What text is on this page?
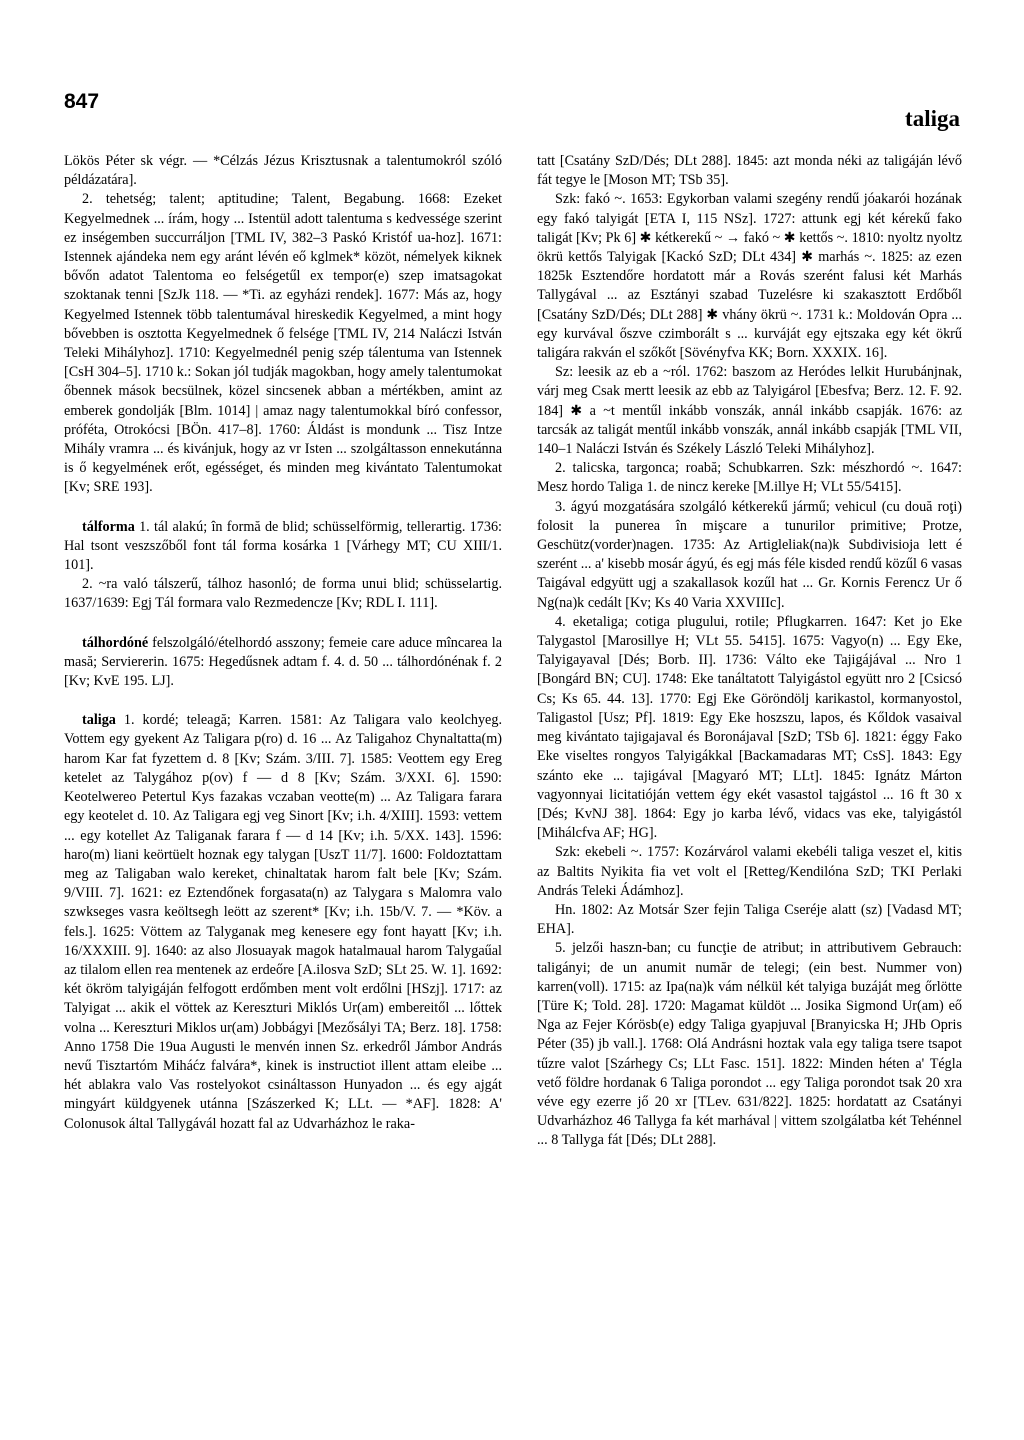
847
taliga

Lökös Péter sk végr. — *Célzás Jézus Krisztusnak a talentumokról szóló példázatára].

2. tehetség; talent; aptitudine; Talent, Begabung. 1668: Ezeket Kegyelmednek ... írám, hogy ... Istentül adott talentuma s kedvessége szerint ez inségemben succurráljon [TML IV, 382–3 Paskó Kristóf ua-hoz]. 1671: Istennek ajándeka nem egy aránt lévén eő kglmek* közöt, némelyek kiknek bővőn adatot Talentoma eo felségetűl ex tempor(e) szep imatsagokat szoktanak tenni [SzJk 118. — *Ti. az egyházi rendek]. 1677: Más az, hogy Kegyelmed Istennek több talentumával hireskedik Kegyelmed, a mint hogy bővebben is osztotta Kegyelmednek ő felsége [TML IV, 214 Naláczi István Teleki Mihályhoz]. 1710: Kegyelmednél penig szép tálentuma van Istennek [CsH 304–5]. 1710 k.: Sokan jól tudják magokban, hogy amely talentumokat őbennek mások becsülnek, közel sincsenek abban a mértékben, amint az emberek gondolják [Blm. 1014] | amaz nagy talentumokkal bíró confessor, próféta, Otrokócsi [BÖn. 417–8]. 1760: Áldást is mondunk ... Tisz Intze Mihály vramra ... és kivánjuk, hogy az vr Isten ... szolgáltasson ennekutánna is ő kegyelmének erőt, egésséget, és minden meg kivántato Talentumokat [Kv; SRE 193].

tálforma 1. tál alakú; în formă de blid; schüsselförmig, tellerartig. 1736: Hal tsont veszszőből font tál forma kosárka 1 [Várhegy MT; CU XIII/1. 101].

2. ~ra való tálszerű, tálhoz hasonló; de forma unui blid; schüsselartig. 1637/1639: Egj Tál formara valo Rezmedencze [Kv; RDL I. 111].

tálhordóné felszolgáló/ételhordó asszony; femeie care aduce mîncarea la masă; Serviererin. 1675: Hegedűsnek adtam f. 4. d. 50 ... tálhordónénak f. 2 [Kv; KvE 195. LJ].

taliga 1. kordé; teleagă; Karren. 1581: Az Taligara valo keolchyeg. Vottem egy gyekent Az Taligara p(ro) d. 16 ... Az Taligahoz Chynaltatta(m) harom Kar fat fyzettem d. 8 [Kv; Szám. 3/III. 7]. 1585: Veottem egy Ereg ketelet az Talygához p(ov) f — d 8 [Kv; Szám. 3/XXI. 6]. 1590: Keotelwereo Petertul Kys fazakas vczaban veotte(m) ... Az Taligara farara egy keotelet d. 10. Az Taligara egj veg Sinort [Kv; i.h. 4/XIII]. 1593: vettem ... egy kotellet Az Taliganak farara f — d 14 [Kv; i.h. 5/XX. 143]. 1596: haro(m) liani keörtüelt hoznak egy talygan [UszT 11/7]. 1600: Foldoztattam meg az Taligaban walo kereket, chinaltatak harom falt bele [Kv; Szám. 9/VIII. 7]. 1621: ez Eztendőnek forgasata(n) az Talygara s Malomra valo szwkseges vasra keöltsegh leött az szerent* [Kv; i.h. 15b/V. 7. — *Köv. a fels.]. 1625: Vöttem az Talyganak meg kenesere egy font hayatt [Kv; i.h. 16/XXXIII. 9]. 1640: az also Jlosuayak magok hatalmaual harom Talygaűal az tilalom ellen rea mentenek az erdeőre [A.ilosva SzD; SLt 25. W. 1]. 1692: két ökröm talyigáján felfogott erdőmben ment volt erdőlni [HSzj]. 1717: az Talyigat ... akik el vöttek az Kereszturi Miklós Ur(am) embereitől ... lőttek volna ... Kereszturi Miklos ur(am) Jobbágyi [Mezősályi TA; Berz. 18]. 1758: Anno 1758 Die 19ua Augusti le menvén innen Sz. erkedről Jámbor András nevű Tisztartóm Miháćz falvára*, kinek is instructiot illent attam eleibe ... hét ablakra valo Vas rostelyokot csináltasson Hunyadon ... és egy ajgát mingyárt küldgyenek utánna [Szászerked K; LLt. — *AF]. 1828: A' Colonusok által Tallygávál hozatt fal az Udvarházhoz le raka-

tatt [Csatány SzD/Dés; DLt 288]. 1845: azt monda néki az taligáján lévő fát tegye le [Moson MT; TSb 35].

Szk: fakó ~. 1653: Egykorban valami szegény rendű jóakarói hozának egy fakó talyigát [ETA I, 115 NSz]. 1727: attunk egj két kérekű fako taligát [Kv; Pk 6] ✱ kétkerekű ~ → fakó ~ ✱ kettős ~. 1810: nyoltz nyoltz ökrü kettős Talyigak [Kackó SzD; DLt 434] ✱ marhás ~. 1825: az ezen 1825k Esztendőre hordatott már a Rovás szerént falusi két Marhás Tallygával ... az Esztányi szabad Tuzelésre ki szakasztott Erdőből [Csatány SzD/Dés; DLt 288] ✱ vhány ökrü ~. 1731 k.: Moldován Opra ... egy kurvával őszve czimborált s ... kurváját egy ejtszaka egy két ökrű taligára rakván el szőkőt [Sövényfva KK; Born. XXXIX. 16].

Sz: leesik az eb a ~ról. 1762: baszom az Heródes lelkit Hurubánjnak, várj meg Csak mertt leesik az ebb az Talyigárol [Ebesfva; Berz. 12. F. 92. 184] ✱ a ~t mentűl inkább vonszák, annál inkább csapják. 1676: az tarcsák az taligát mentűl inkább vonszák, annál inkább csapják [TML VII, 140–1 Naláczi István és Székely László Teleki Mihályhoz].

2. talicska, targonca; roabă; Schubkarren. Szk: mészhordó ~. 1647: Mesz hordo Taliga 1. de nincz kereke [M.illye H; VLt 55/5415].

3. ágyú mozgatására szolgáló kétkerekű jármű; vehicul (cu două roţi) folosit la punerea în mişcare a tunurilor primitive; Protze, Geschütz(vorder)nagen. 1735: Az Artigleliak(na)k Subdivisioja lett é szerént ... a' kisebb mosár ágyú, és egj más féle kisded rendű közűl 6 vasas Taigával edgyütt ugj a szakallasok kozűl hat ... Gr. Kornis Ferencz Ur ő Ng(na)k cedált [Kv; Ks 40 Varia XXVIIIc].

4. eketaliga; cotiga plugului, rotile; Pflugkarren. 1647: Ket jo Eke Talygastol [Marosillye H; VLt 55. 5415]. 1675: Vagyo(n) ... Egy Eke, Talyigayaval [Dés; Borb. II]. 1736: Válto eke Tajigájával ... Nro 1 [Bongárd BN; CU]. 1748: Eke tanáltatott Talyigástol együtt nro 2 [Csicsó Cs; Ks 65. 44. 13]. 1770: Egj Eke Göröndölj karikastol, kormanyostol, Taligastol [Usz; Pf]. 1819: Egy Eke hoszszu, lapos, és Kőldok vasaival meg kivántato tajigajaval és Boronájaval [SzD; TSb 6]. 1821: éggy Fako Eke viseltes rongyos Talyigákkal [Backamadaras MT; CsS]. 1843: Egy szánto eke ... tajigával [Magyaró MT; LLt]. 1845: Ignátz Márton vagyonnyai licitatióján vettem égy ekét vasastol tajgástol ... 16 ft 30 x [Dés; KvNJ 38]. 1864: Egy jo karba lévő, vidacs vas eke, talyigástól [Mihálcfva AF; HG].

Szk: ekebeli ~. 1757: Kozárvárol valami ekebéli taliga veszet el, kitis az Baltits Nyikita fia vet volt el [Retteg/Kendilóna SzD; TKI Perlaki András Teleki Ádámhoz].

Hn. 1802: Az Motsár Szer fejin Taliga Cseréje alatt (sz) [Vadasd MT; EHA].

5. jelzői haszn-ban; cu funcţie de atribut; in attributivem Gebrauch: taligányi; de un anumit număr de telegi; (ein best. Nummer von) karren(voll). 1715: az Ipa(na)k vám nélkül két talyiga buzáját meg őrlötte [Türe K; Told. 28]. 1720: Magamat küldöt ... Josika Sigmond Ur(am) eő Nga az Fejer Kórösb(e) edgy Taliga gyapjuval [Branyicska H; JHb Opris Péter (35) jb vall.]. 1768: Olá Andrásni hoztak vala egy taliga tsere tsapot tűzre valot [Szárhegy Cs; LLt Fasc. 151]. 1822: Minden héten a' Tégla vető földre hordanak 6 Taliga porondot ... egy Taliga porondot tsak 20 xra véve egy ezerre jő 20 xr [TLev. 631/822]. 1825: hordatatt az Csatányi Udvarházhoz 46 Tallyga fa két marhával | vittem szolgálatba két Tehénnel ... 8 Tallyga fát [Dés; DLt 288].
